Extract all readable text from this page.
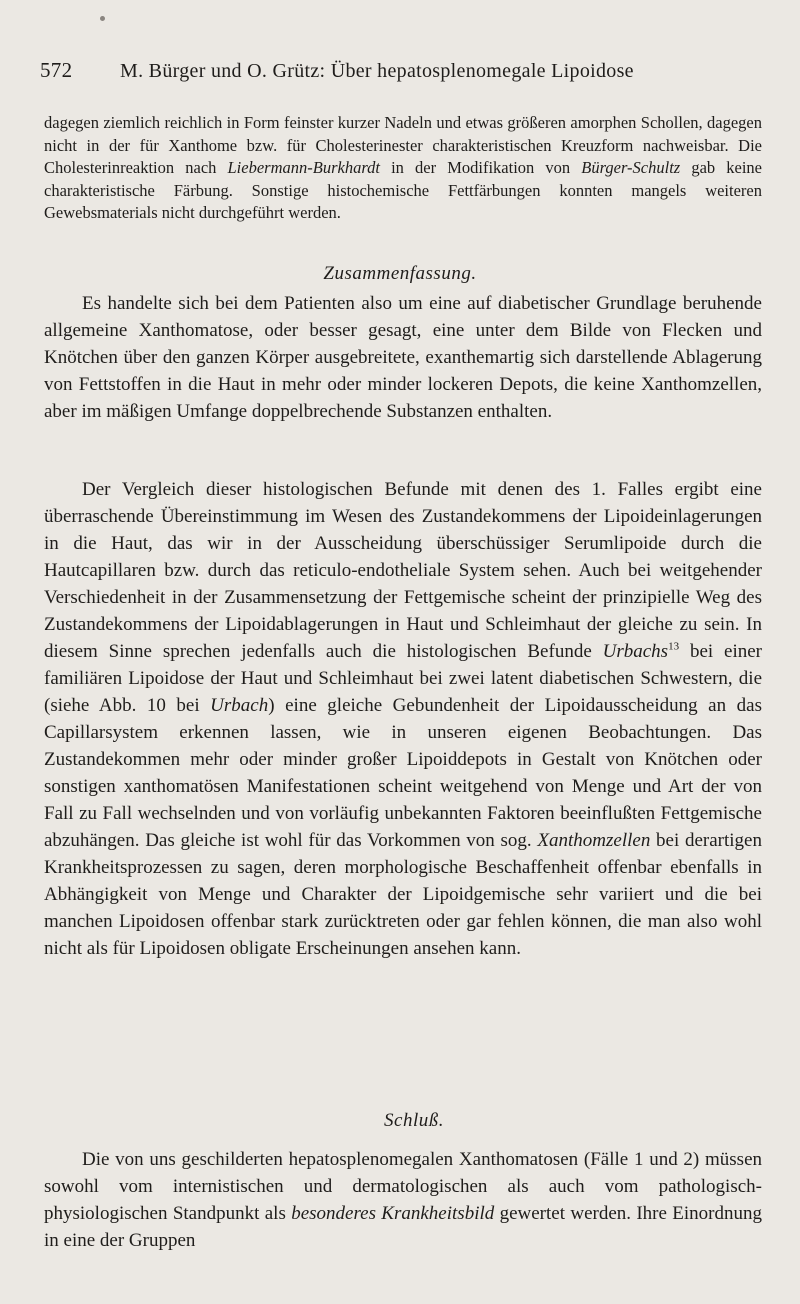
572	M. Bürger und O. Grütz: Über hepatosplenomegale Lipoidose

dagegen ziemlich reichlich in Form feinster kurzer Nadeln und etwas größeren amorphen Schollen, dagegen nicht in der für Xanthome bzw. für Cholesterinester charakteristischen Kreuzform nachweisbar. Die Cholesterinreaktion nach Liebermann-Burkhardt in der Modifikation von Bürger-Schultz gab keine charakteristische Färbung. Sonstige histochemische Fettfärbungen konnten mangels weiteren Gewebsmaterials nicht durchgeführt werden.

Zusammenfassung.

Es handelte sich bei dem Patienten also um eine auf diabetischer Grundlage beruhende allgemeine Xanthomatose, oder besser gesagt, eine unter dem Bilde von Flecken und Knötchen über den ganzen Körper ausgebreitete, exanthemartig sich darstellende Ablagerung von Fettstoffen in die Haut in mehr oder minder lockeren Depots, die keine Xanthomzellen, aber im mäßigen Umfange doppelbrechende Substanzen enthalten.

Der Vergleich dieser histologischen Befunde mit denen des 1. Falles ergibt eine überraschende Übereinstimmung im Wesen des Zustandekommens der Lipoideinlagerungen in die Haut, das wir in der Ausscheidung überschüssiger Serumlipoide durch die Hautcapillaren bzw. durch das reticulo-endotheliale System sehen. Auch bei weitgehender Verschiedenheit in der Zusammensetzung der Fettgemische scheint der prinzipielle Weg des Zustandekommens der Lipoidablagerungen in Haut und Schleimhaut der gleiche zu sein. In diesem Sinne sprechen jedenfalls auch die histologischen Befunde Urbachs$^{13}$ bei einer familiären Lipoidose der Haut und Schleimhaut bei zwei latent diabetischen Schwestern, die (siehe Abb. 10 bei Urbach) eine gleiche Gebundenheit der Lipoidausscheidung an das Capillarsystem erkennen lassen, wie in unseren eigenen Beobachtungen. Das Zustandekommen mehr oder minder großer Lipoiddepots in Gestalt von Knötchen oder sonstigen xanthomatösen Manifestationen scheint weitgehend von Menge und Art der von Fall zu Fall wechselnden und von vorläufig unbekannten Faktoren beeinflußten Fettgemische abzuhängen. Das gleiche ist wohl für das Vorkommen von sog. Xanthomzellen bei derartigen Krankheitsprozessen zu sagen, deren morphologische Beschaffenheit offenbar ebenfalls in Abhängigkeit von Menge und Charakter der Lipoidgemische sehr variiert und die bei manchen Lipoidosen offenbar stark zurücktreten oder gar fehlen können, die man also wohl nicht als für Lipoidosen obligate Erscheinungen ansehen kann.

Schluß.

Die von uns geschilderten hepatosplenomegalen Xanthomatosen (Fälle 1 und 2) müssen sowohl vom internistischen und dermatologischen als auch vom pathologisch-physiologischen Standpunkt als besonderes Krankheitsbild gewertet werden. Ihre Einordnung in eine der Gruppen
